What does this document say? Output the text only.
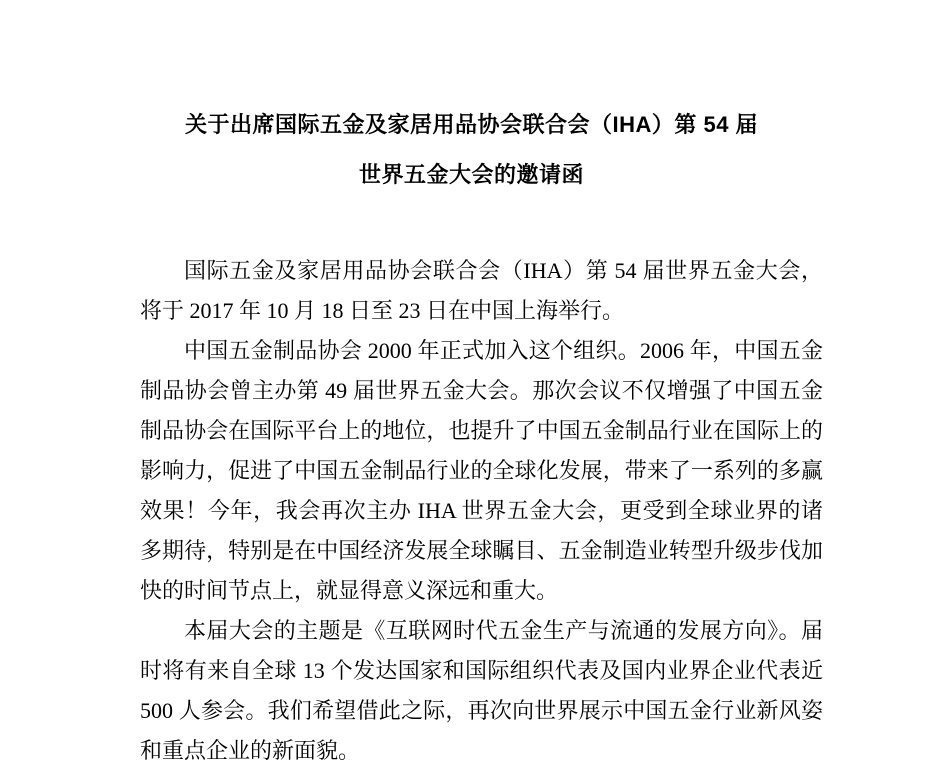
关于出席国际五金及家居用品协会联合会（IHA）第 54 届
世界五金大会的邀请函

国际五金及家居用品协会联合会（IHA）第 54 届世界五金大会，将于 2017 年 10 月 18 日至 23 日在中国上海举行。

中国五金制品协会 2000 年正式加入这个组织。2006 年，中国五金制品协会曾主办第 49 届世界五金大会。那次会议不仅增强了中国五金制品协会在国际平台上的地位，也提升了中国五金制品行业在国际上的影响力，促进了中国五金制品行业的全球化发展，带来了一系列的多赢效果！今年，我会再次主办 IHA 世界五金大会，更受到全球业界的诸多期待，特别是在中国经济发展全球瞩目、五金制造业转型升级步伐加快的时间节点上，就显得意义深远和重大。

本届大会的主题是《互联网时代五金生产与流通的发展方向》。届时将有来自全球 13 个发达国家和国际组织代表及国内业界企业代表近 500 人参会。我们希望借此之际，再次向世界展示中国五金行业新风姿和重点企业的新面貌。
